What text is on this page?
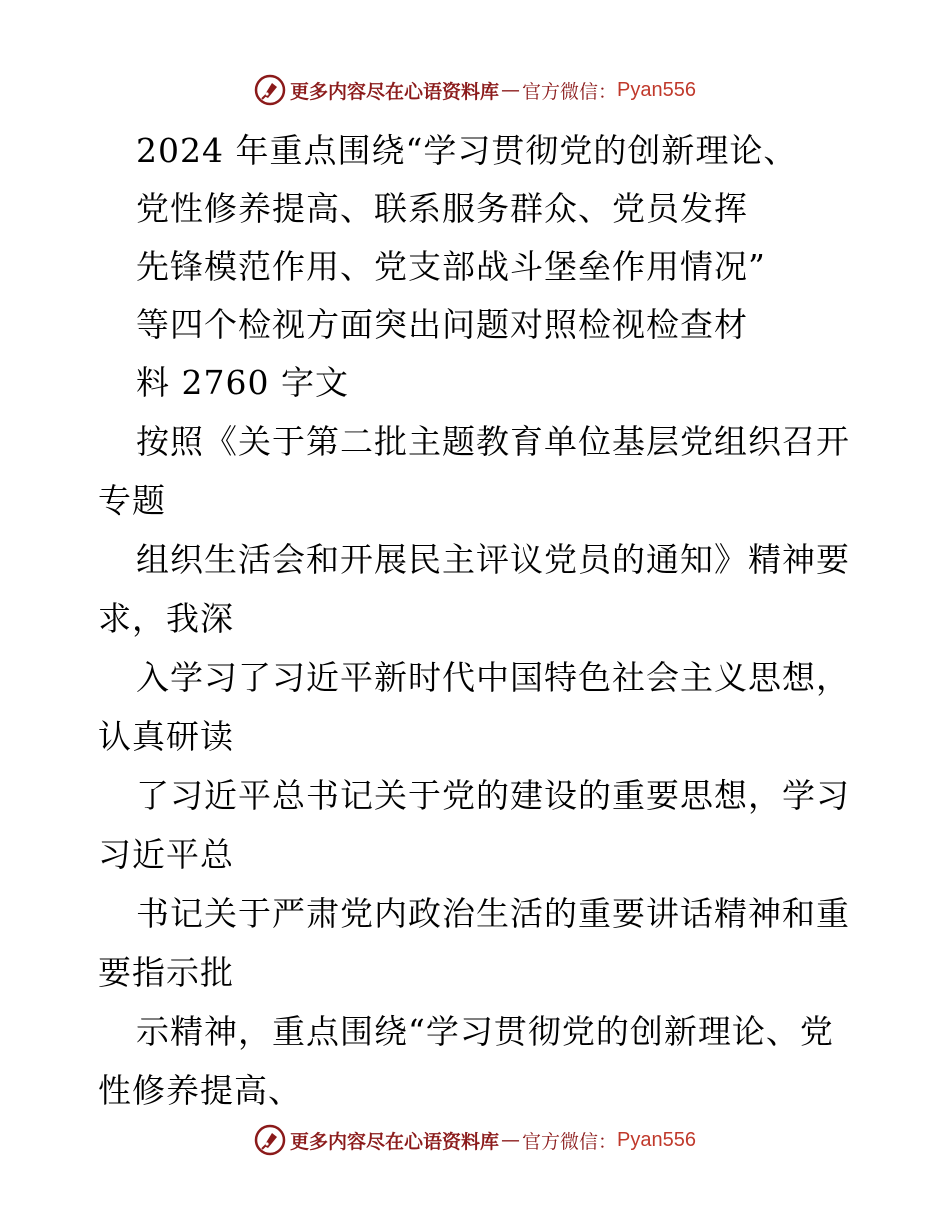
更多内容尽在心语资料库 — 官方微信： Pyan556
2024 年重点围绕“学习贯彻党的创新理论、
党性修养提高、联系服务群众、党员发挥
先锋模范作用、党支部战斗堡垒作用情况”
等四个检视方面突出问题对照检视检查材
料 2760 字文
按照《关于第二批主题教育单位基层党组织召开
专题
组织生活会和开展民主评议党员的通知》精神要
求，我深
入学习了习近平新时代中国特色社会主义思想，
认真研读
了习近平总书记关于党的建设的重要思想，学习
习近平总
书记关于严肃党内政治生活的重要讲话精神和重
要指示批
示精神，重点围绕“学习贯彻党的创新理论、党
性修养提高、
更多内容尽在心语资料库 — 官方微信： Pyan556
